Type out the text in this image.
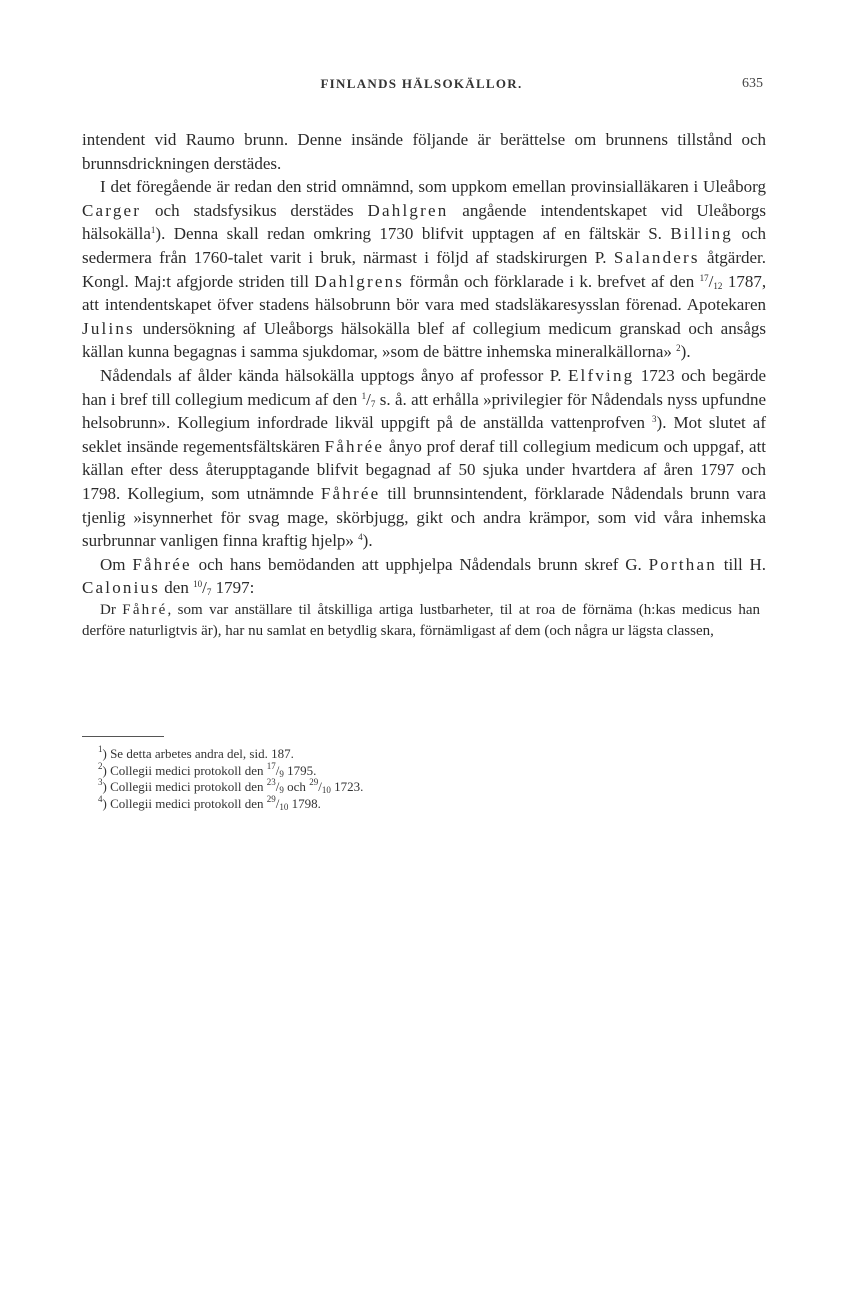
FINLANDS HÄLSOKÄLLOR.	635

intendent vid Raumo brunn. Denne insände följande är berättelse om brunnens tillstånd och brunnsdrickningen derstädes.

I det föregående är redan den strid omnämnd, som uppkom emellan provinsialläkaren i Uleåborg Carger och stadsfysikus derstädes Dahlgren angående intendentskapet vid Uleåborgs hälsokälla$^1$). Denna skall redan omkring 1730 blifvit upptagen af en fältskär S. Billing och sedermera från 1760-talet varit i bruk, närmast i följd af stadskirurgen P. Salanders åtgärder. Kongl. Maj:t afgjorde striden till Dahlgrens förmån och förklarade i k. brefvet af den $^{17}/_{12}$ 1787, att intendentskapet öfver stadens hälsobrunn bör vara med stadsläkaresysslan förenad. Apotekaren Julins undersökning af Uleåborgs hälsokälla blef af collegium medicum granskad och ansågs källan kunna begagnas i samma sjukdomar, »som de bättre inhemska mineralkällorna» $^2$).

Nådendals af ålder kända hälsokälla upptogs ånyo af professor P. Elfving 1723 och begärde han i bref till collegium medicum af den $^1/_7$ s. å. att erhålla »privilegier för Nådendals nyss upfundne helsobrunn». Kollegium infordrade likväl uppgift på de anställda vattenprofven $^3$). Mot slutet af seklet insände regementsfältskären Fåhrée ånyo prof deraf till collegium medicum och uppgaf, att källan efter dess återupptagande blifvit begagnad af 50 sjuka under hvartdera af åren 1797 och 1798. Kollegium, som utnämnde Fåhrée till brunnsintendent, förklarade Nådendals brunn vara tjenlig »isynnerhet för svag mage, skörbjugg, gikt och andra krämpor, som vid våra inhemska surbrunnar vanligen finna kraftig hjelp» $^4$).

Om Fåhrée och hans bemödanden att upphjelpa Nådendals brunn skref G. Porthan till H. Calonius den $^{10}/_7$ 1797:

Dr Fåhré, som var anställare til åtskilliga artiga lustbarheter, til at roa de förnäma (h:kas medicus han derföre naturligtvis är), har nu samlat en betydlig skara, förnämligast af dem (och några ur lägsta classen,

$^1$) Se detta arbetes andra del, sid. 187.

$^2$) Collegii medici protokoll den $^{17}/_9$ 1795.

$^3$) Collegii medici protokoll den $^{23}/_9$ och $^{29}/_{10}$ 1723.

$^4$) Collegii medici protokoll den $^{29}/_{10}$ 1798.
